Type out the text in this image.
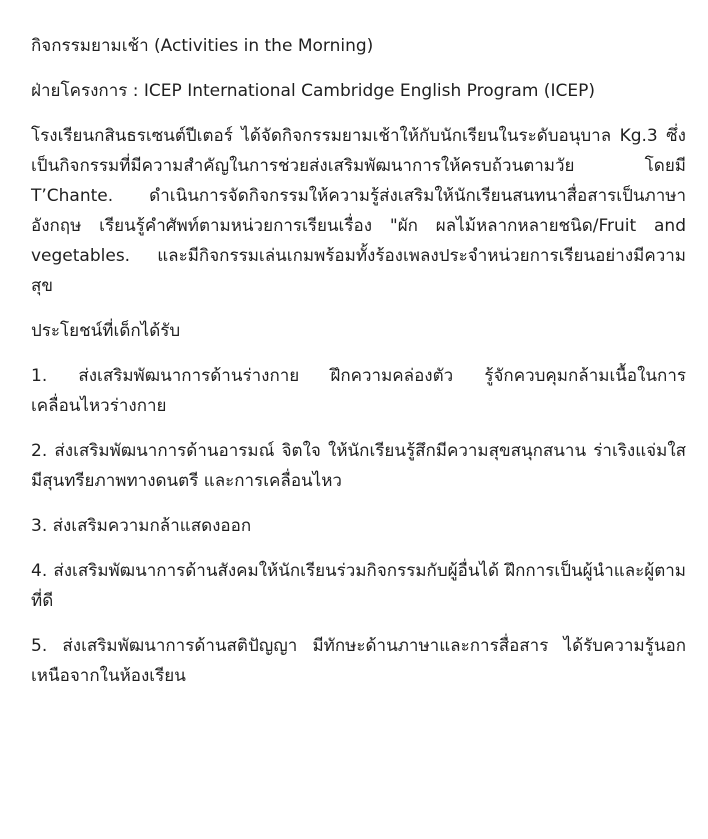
กิจกรรมยามเช้า (Activities in the Morning)

ฝ่ายโครงการ : ICEP International Cambridge English Program (ICEP)

โรงเรียนกสินธรเซนต์ปีเตอร์ ได้จัดกิจกรรมยามเช้าให้กับนักเรียนในระดับอนุบาล Kg.3 ซึ่งเป็นกิจกรรมที่มีความสำคัญในการช่วยส่งเสริมพัฒนาการให้ครบถ้วนตามวัย โดยมี T’Chante. ดำเนินการจัดกิจกรรมให้ความรู้ส่งเสริมให้นักเรียนสนทนาสื่อสารเป็นภาษาอังกฤษ เรียนรู้คำศัพท์ตามหน่วยการเรียนเรื่อง "ผัก ผลไม้หลากหลายชนิด/Fruit and vegetables. และมีกิจกรรมเล่นเกมพร้อมทั้งร้องเพลงประจำหน่วยการเรียนอย่างมีความสุข

ประโยชน์ที่เด็กได้รับ

1. ส่งเสริมพัฒนาการด้านร่างกาย ฝึกความคล่องตัว รู้จักควบคุมกล้ามเนื้อในการเคลื่อนไหวร่างกาย

2. ส่งเสริมพัฒนาการด้านอารมณ์ จิตใจ ให้นักเรียนรู้สึกมีความสุขสนุกสนาน ร่าเริงแจ่มใส มีสุนทรียภาพทางดนตรี และการเคลื่อนไหว

3. ส่งเสริมความกล้าแสดงออก

4. ส่งเสริมพัฒนาการด้านสังคมให้นักเรียนร่วมกิจกรรมกับผู้อื่นได้ ฝึกการเป็นผู้นำและผู้ตามที่ดี

5. ส่งเสริมพัฒนาการด้านสติปัญญา มีทักษะด้านภาษาและการสื่อสาร ได้รับความรู้นอกเหนือจากในห้องเรียน
